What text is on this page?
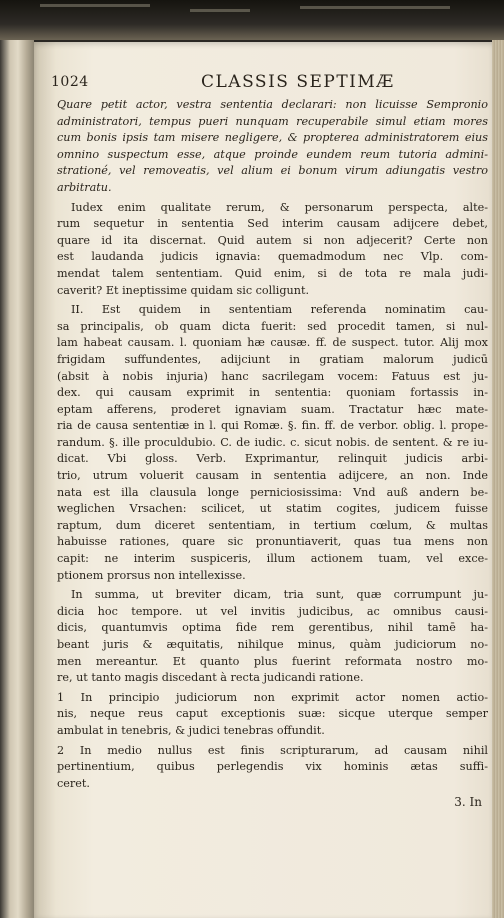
1024	CLASSIS SEPTIMÆ
Quare petit actor, vestra sententia declarari: non licuisse Sempronio
administratori, tempus pueri nunquam recuperabile simul etiam mores
cum bonis ipsis tam misere negligere, & propterea administratorem eius
omnino suspectum esse, atque proinde eundem reum tutoria admini-
strationé, vel removeatis, vel alium ei bonum virum adiungatis vestro
arbitratu.
Iudex enim qualitate rerum, & personarum perspecta, alte-
rum sequetur in sententia Sed interim causam adijcere debet,
quare id ita discernat. Quid autem si non adjecerit? Certe non
est laudanda judicis ignavia: quemadmodum nec Vlp. com-
mendat talem sententiam. Quid enim, si de tota re mala judi-
caverit? Et ineptissime quidam sic colligunt.
II. Est quidem in sententiam referenda nominatim cau-
sa principalis, ob quam dicta fuerit: sed procedit tamen, si nul-
lam habeat causam. l. quoniam hæ causæ. ff. de suspect. tutor. Alij mox
frigidam suffundentes, adijciunt in gratiam malorum judicū
(absit à nobis injuria) hanc sacrilegam vocem: Fatuus est ju-
dex. qui causam exprimit in sententia: quoniam fortassis in-
eptam afferens, proderet ignaviam suam. Tractatur hæc mate-
ria de causa sententiæ in l. qui Romæ. §. fin. ff. de verbor. oblig. l. prope-
randum. §. ille proculdubio. C. de iudic. c. sicut nobis. de sentent. & re iu-
dicat. Vbi gloss. Verb. Exprimantur, relinquit judicis arbi-
trio, utrum voluerit causam in sententia adijcere, an non. Inde
nata est illa clausula longe perniciosissima: Vnd auß andern be-
weglichen Vrsachen: scilicet, ut statim cogites, judicem fuisse
raptum, dum diceret sententiam, in tertium cœlum, & multas
habuisse rationes, quare sic pronuntiaverit, quas tua mens non
capit: ne interim suspiceris, illum actionem tuam, vel exce-
ptionem prorsus non intellexisse.
In summa, ut breviter dicam, tria sunt, quæ corrumpunt ju-
dicia hoc tempore. ut vel invitis judicibus, ac omnibus causi-
dicis, quantumvis optima fide rem gerentibus, nihil tamē ha-
beant juris & æquitatis, nihilque minus, quàm judiciorum no-
men mereantur. Et quanto plus fuerint reformata nostro mo-
re, ut tanto magis discedant à recta judicandi ratione.
1 In principio judiciorum non exprimit actor nomen actio-
nis, neque reus caput exceptionis suæ: sicque uterque semper
ambulat in tenebris, & judici tenebras offundit.
2 In medio nullus est finis scripturarum, ad causam nihil
pertinentium, quibus perlegendis vix hominis ætas suffi-
ceret.
3. In
